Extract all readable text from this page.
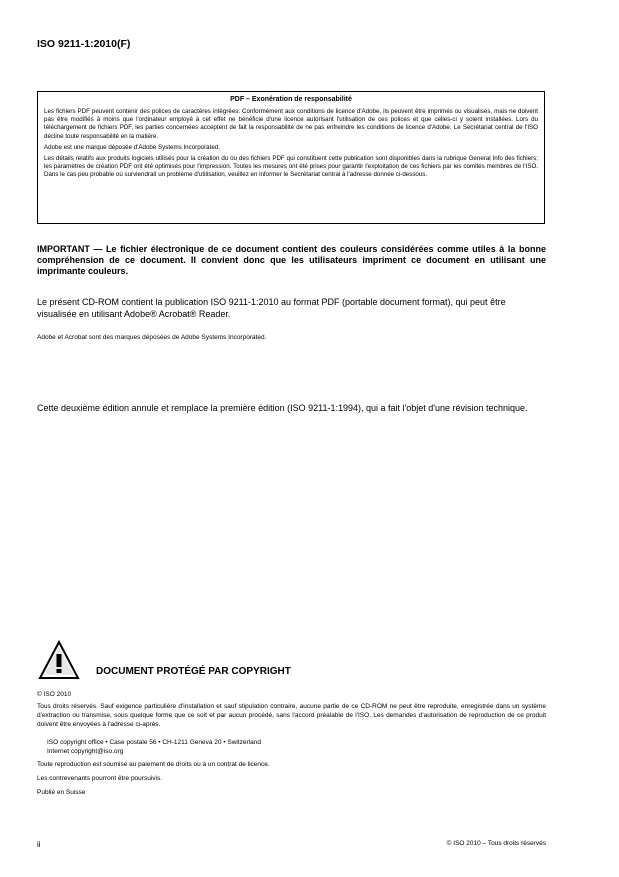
ISO 9211-1:2010(F)
PDF – Exonération de responsabilité

Les fichiers PDF peuvent contenir des polices de caractères intégrées. Conformément aux conditions de licence d'Adobe, ils peuvent être imprimés ou visualisés, mais ne doivent pas être modifiés à moins que l'ordinateur employé à cet effet ne bénéficie d'une licence autorisant l'utilisation de ces polices et que celles-ci y soient installées. Lors du téléchargement de fichiers PDF, les parties concernées acceptent de fait la responsabilité de ne pas enfreindre les conditions de licence d'Adobe. Le Secrétariat central de l'ISO décline toute responsabilité en la matière.

Adobe est une marque déposée d'Adobe Systems Incorporated.

Les détails relatifs aux produits logiciels utilisés pour la création du ou des fichiers PDF qui constituent cette publication sont disponibles dans la rubrique General Info des fichiers; les paramètres de création PDF ont été optimisés pour l'impression. Toutes les mesures ont été prises pour garantir l'exploitation de ces fichiers par les comités membres de l'ISO. Dans le cas peu probable où surviendrait un problème d'utilisation, veuillez en informer le Secrétariat central à l'adresse donnée ci-dessous.

IMPORTANT — Le fichier électronique de ce document contient des couleurs considérées comme utiles à la bonne compréhension de ce document. Il convient donc que les utilisateurs impriment ce document en utilisant une imprimante couleurs.
Le présent CD-ROM contient la publication ISO 9211-1:2010 au format PDF (portable document format), qui peut être visualisée en utilisant Adobe® Acrobat® Reader.
Adobe et Acrobat sont des marques déposées de Adobe Systems Incorporated.
Cette deuxième édition annule et remplace la première édition (ISO 9211-1:1994), qui a fait l'objet d'une révision technique.
DOCUMENT PROTÉGÉ PAR COPYRIGHT
© ISO 2010
Tous droits réservés. Sauf exigence particulière d'installation et sauf stipulation contraire, aucune partie de ce CD-ROM ne peut être reproduite, enregistrée dans un système d'extraction ou transmise, sous quelque forme que ce soit et par aucun procédé, sans l'accord préalable de l'ISO. Les demandes d'autorisation de reproduction de ce produit doivent être envoyées à l'adresse ci-après.
ISO copyright office • Case postale 56 • CH-1211 Geneva 20 • Switzerland
Internet copyright@iso.org
Toute reproduction est soumise au paiement de droits ou à un contrat de licence.
Les contrevenants pourront être poursuivis.
Publié en Suisse
ii	© ISO 2010 – Tous droits réservés
